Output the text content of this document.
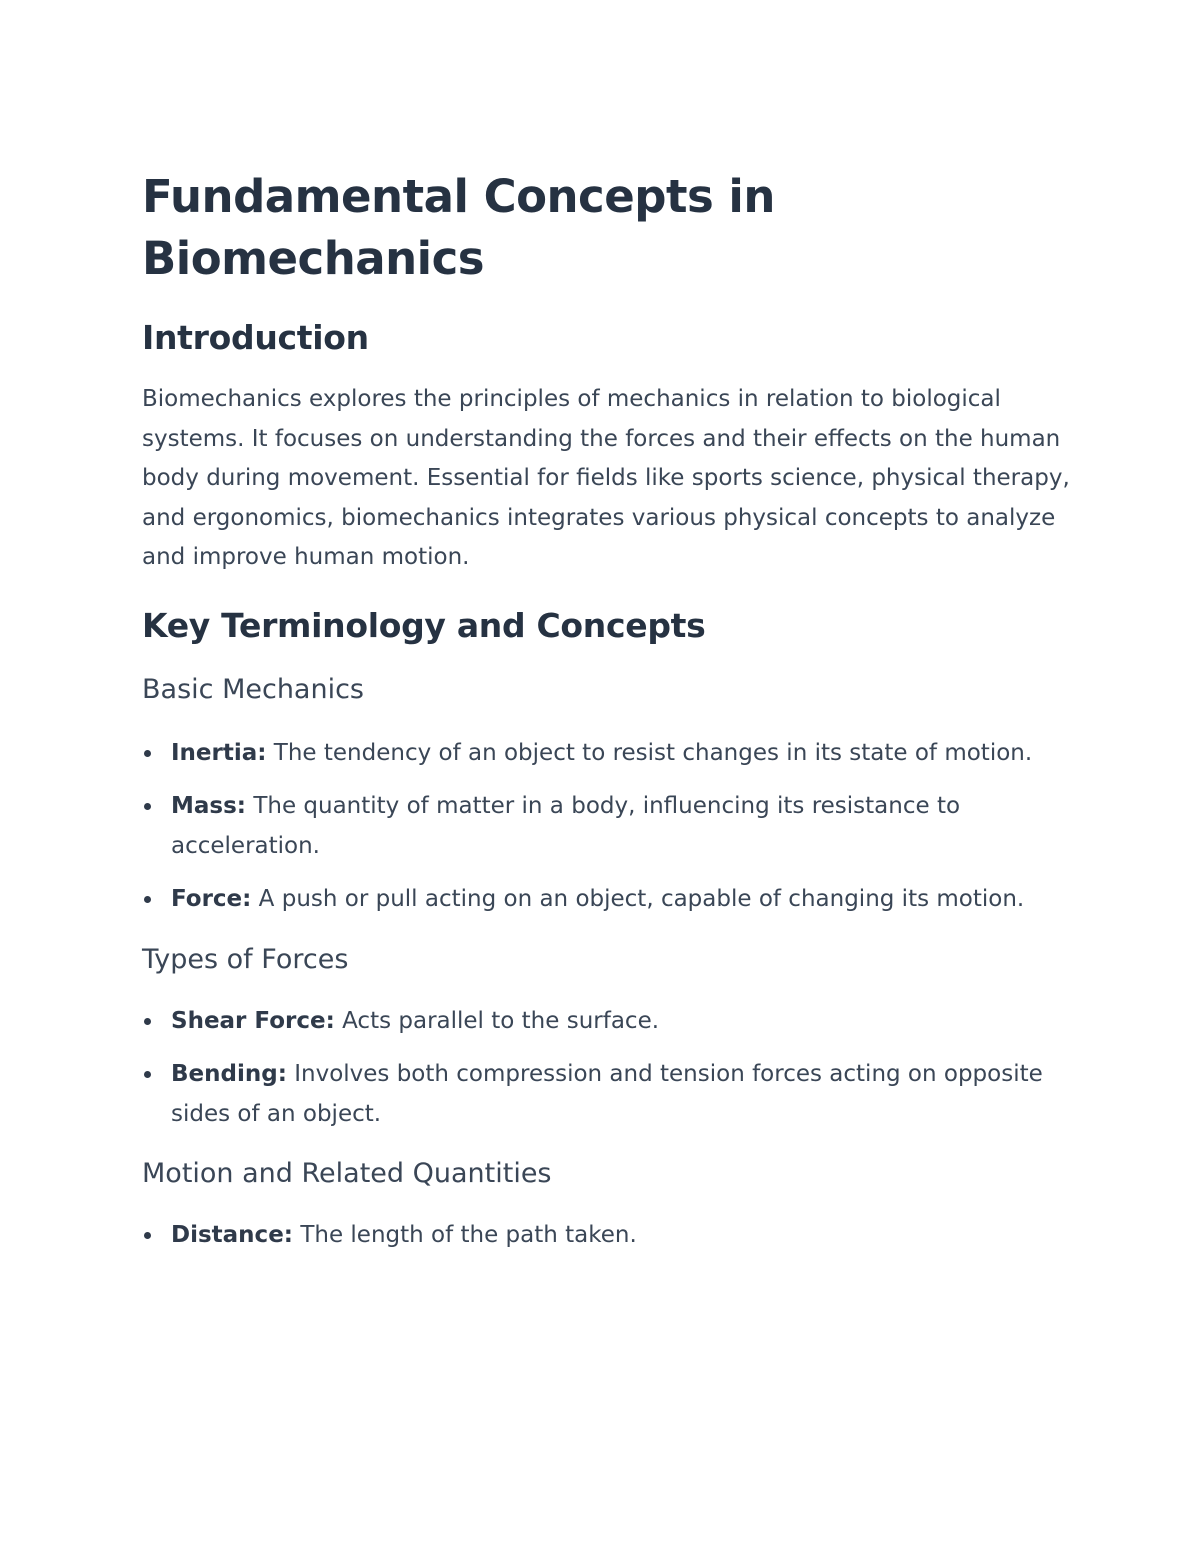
Fundamental Concepts in Biomechanics
Introduction

Biomechanics explores the principles of mechanics in relation to biological systems. It focuses on understanding the forces and their effects on the human body during movement. Essential for fields like sports science, physical therapy, and ergonomics, biomechanics integrates various physical concepts to analyze and improve human motion.

Key Terminology and Concepts
Basic Mechanics
Inertia: The tendency of an object to resist changes in its state of motion.
Mass: The quantity of matter in a body, influencing its resistance to acceleration.
Force: A push or pull acting on an object, capable of changing its motion.
Types of Forces
Shear Force: Acts parallel to the surface.
Bending: Involves both compression and tension forces acting on opposite sides of an object.
Motion and Related Quantities
Distance: The length of the path taken.
